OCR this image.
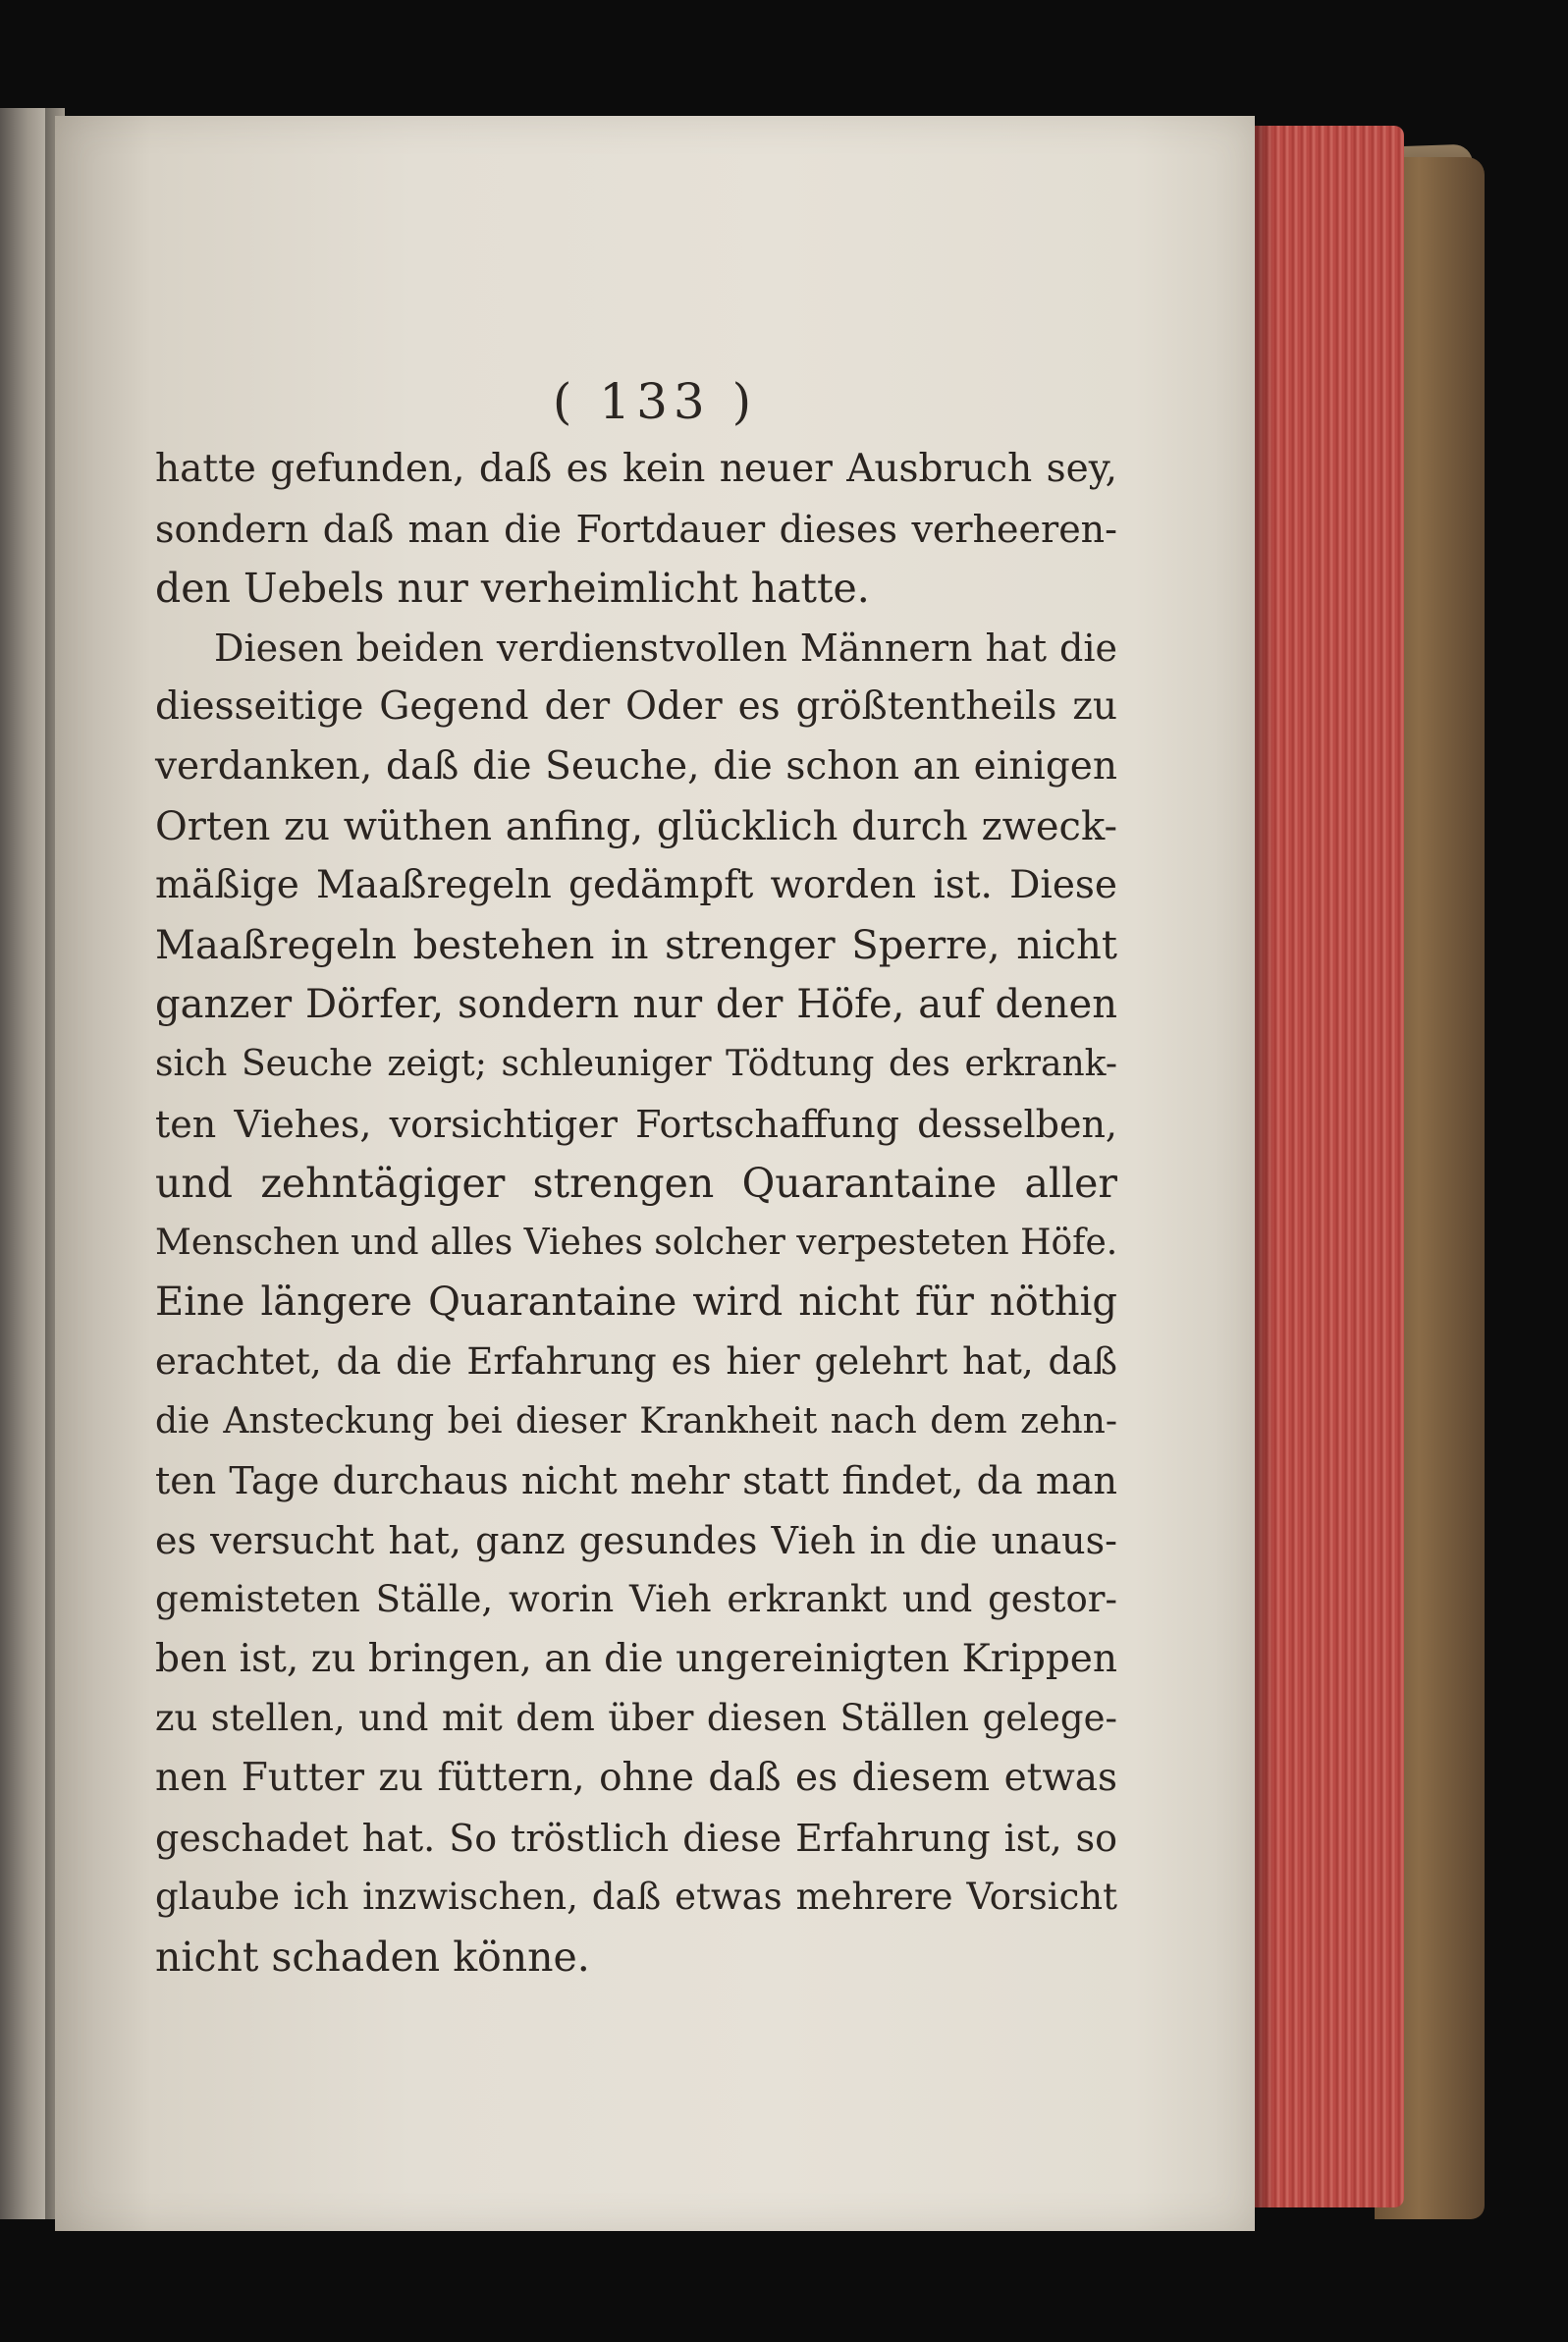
( 133 )
hatte gefunden, daß es kein neuer Ausbruch sey,
sondern daß man die Fortdauer dieses verheeren-
den Uebels nur verheimlicht hatte.
Diesen beiden verdienstvollen Männern hat die
diesseitige Gegend der Oder es größtentheils zu
verdanken, daß die Seuche, die schon an einigen
Orten zu wüthen anfing, glücklich durch zweck-
mäßige Maaßregeln gedämpft worden ist. Diese
Maaßregeln bestehen in strenger Sperre, nicht
ganzer Dörfer, sondern nur der Höfe, auf denen
sich Seuche zeigt; schleuniger Tödtung des erkrank-
ten Viehes, vorsichtiger Fortschaffung desselben,
und zehntägiger strengen Quarantaine aller
Menschen und alles Viehes solcher verpesteten Höfe.
Eine längere Quarantaine wird nicht für nöthig
erachtet, da die Erfahrung es hier gelehrt hat, daß
die Ansteckung bei dieser Krankheit nach dem zehn-
ten Tage durchaus nicht mehr statt findet, da man
es versucht hat, ganz gesundes Vieh in die unaus-
gemisteten Ställe, worin Vieh erkrankt und gestor-
ben ist, zu bringen, an die ungereinigten Krippen
zu stellen, und mit dem über diesen Ställen gelege-
nen Futter zu füttern, ohne daß es diesem etwas
geschadet hat. So tröstlich diese Erfahrung ist, so
glaube ich inzwischen, daß etwas mehrere Vorsicht
nicht schaden könne.
